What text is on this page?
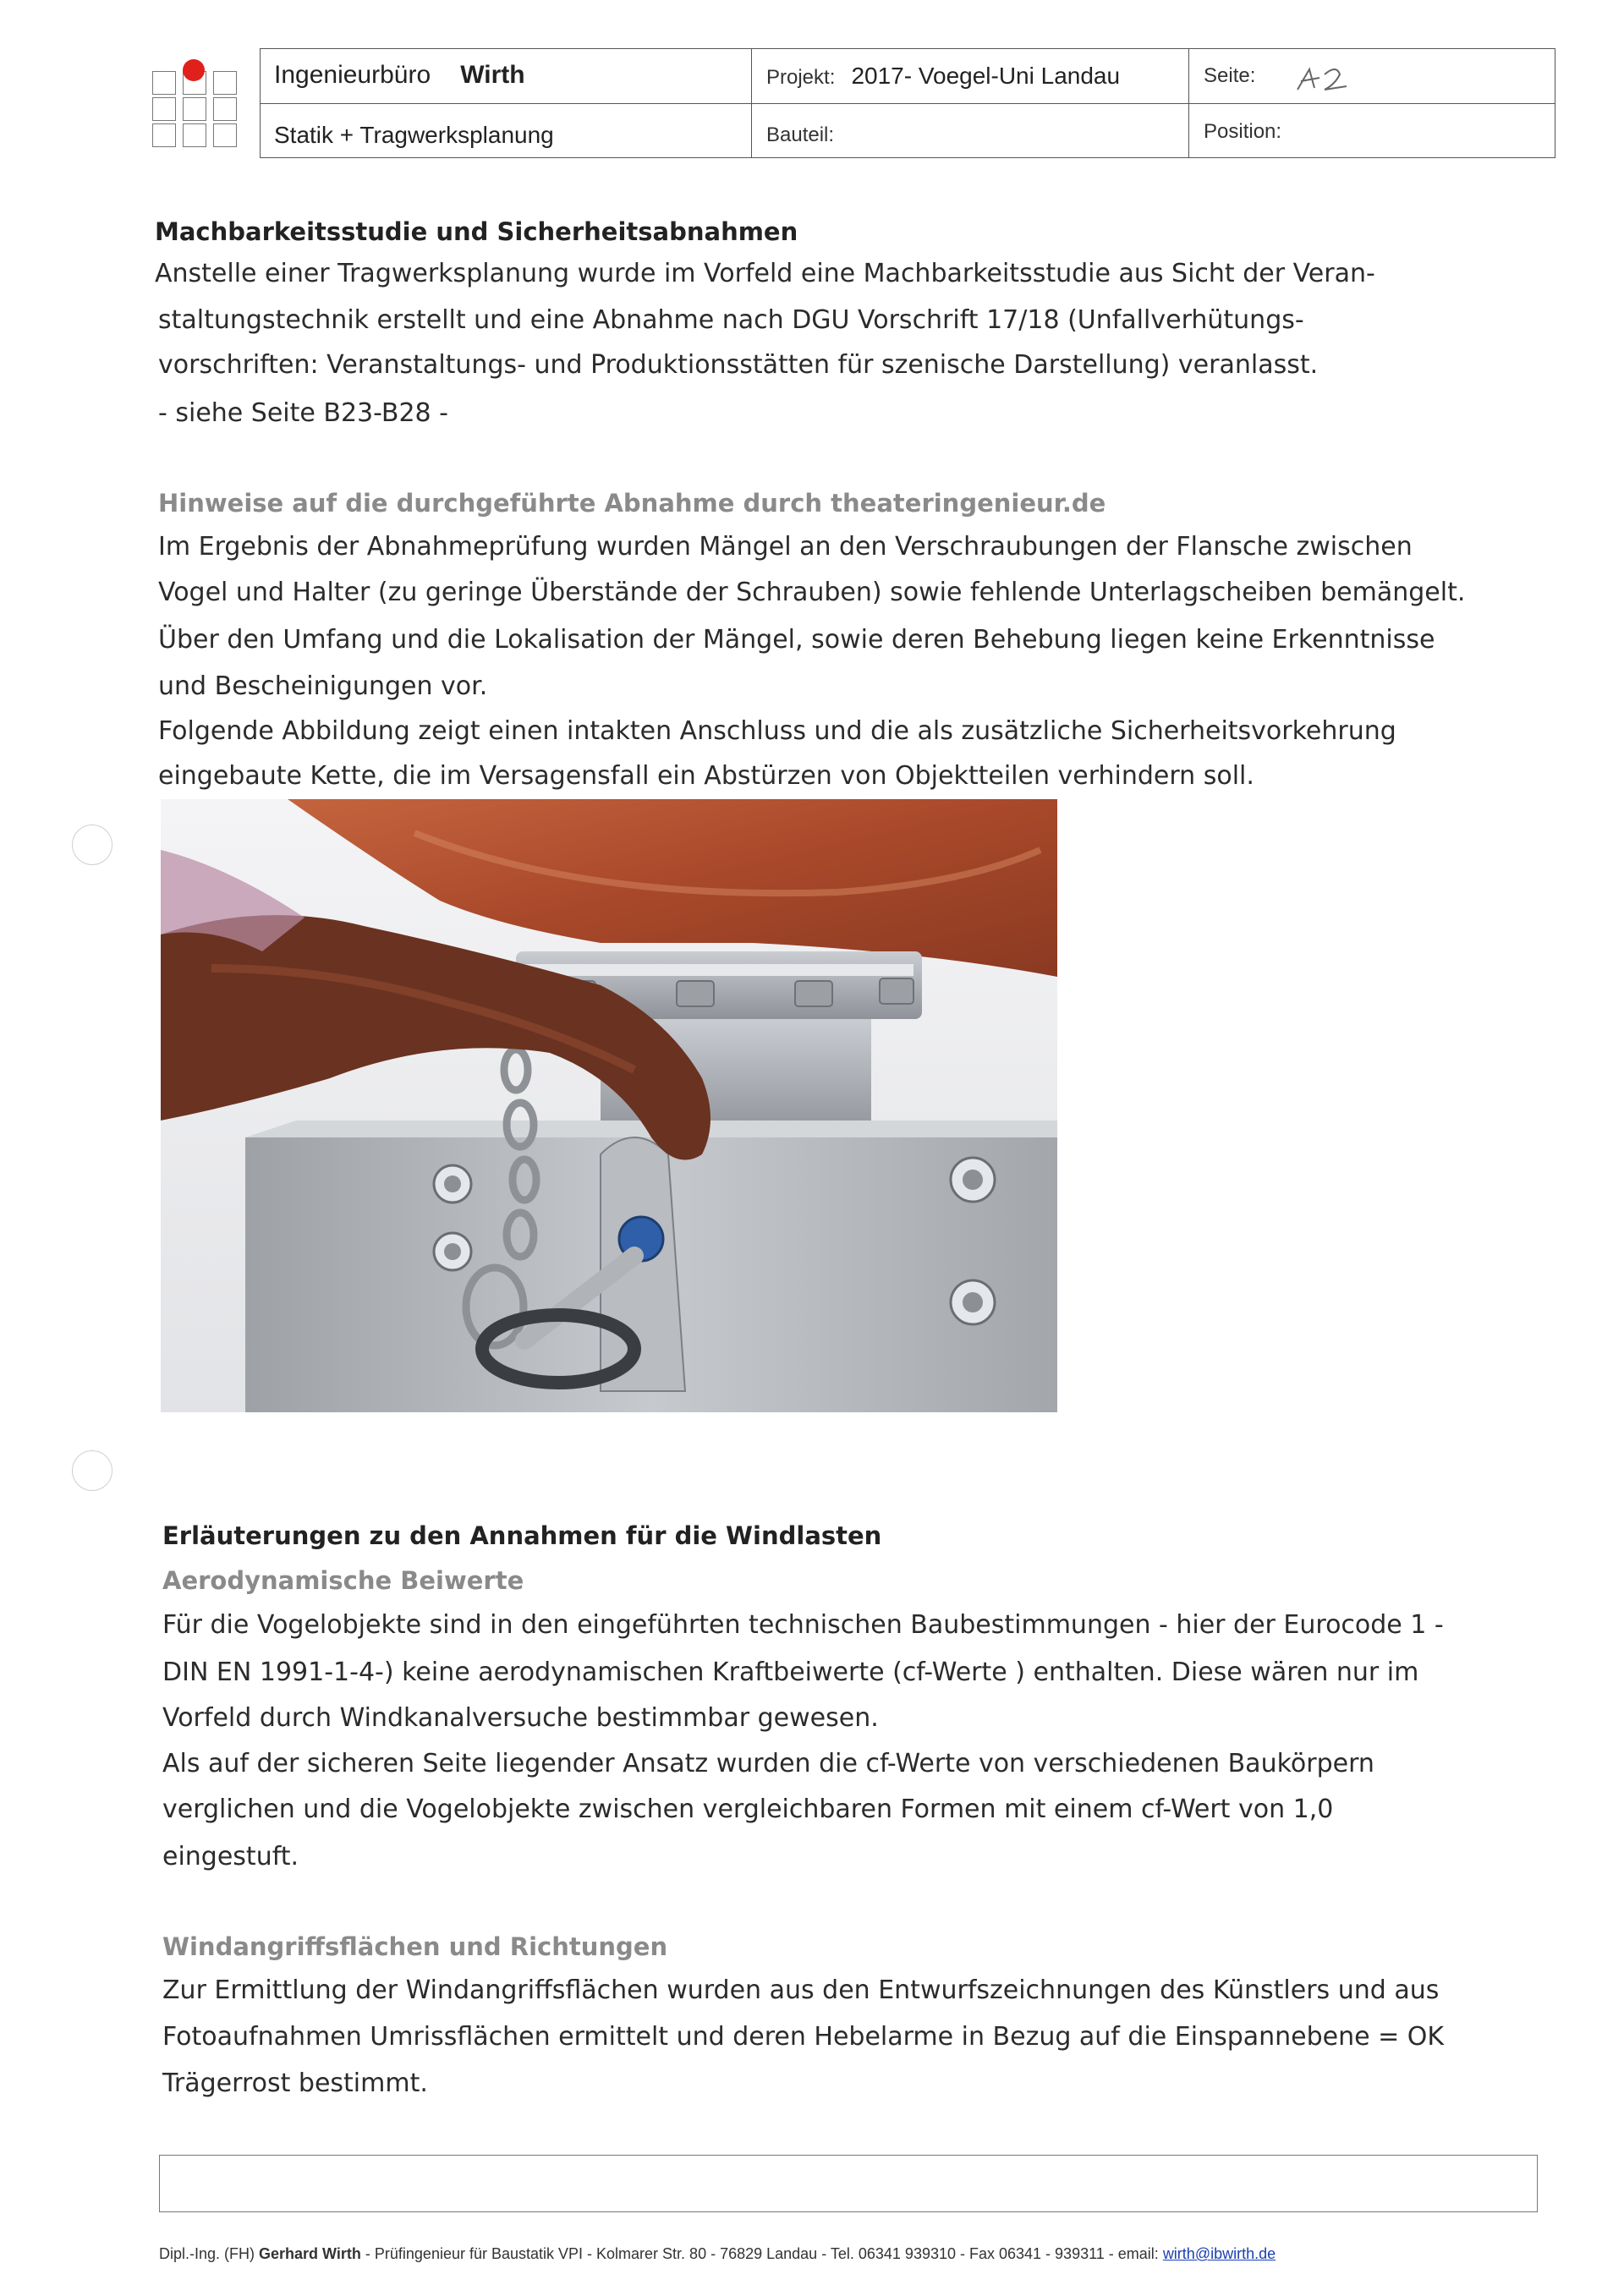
Ingenieurbüro Wirth
Statik + Tragwerksplanung
Projekt: 2017- Voegel-Uni Landau
Bauteil:
Seite:
Position:
Machbarkeitsstudie und Sicherheitsabnahmen
Anstelle einer Tragwerksplanung wurde im Vorfeld eine Machbarkeitsstudie aus Sicht der Veran-
staltungstechnik erstellt und eine Abnahme nach DGU Vorschrift 17/18 (Unfallverhütungs-
vorschriften: Veranstaltungs- und Produktionsstätten für szenische Darstellung) veranlasst.
- siehe Seite B23-B28 -
Hinweise auf die durchgeführte Abnahme durch theateringenieur.de
Im Ergebnis der Abnahmeprüfung wurden Mängel an den Verschraubungen der Flansche zwischen
Vogel und Halter (zu geringe Überstände der Schrauben) sowie fehlende Unterlagscheiben bemängelt.
Über den Umfang und die Lokalisation der Mängel, sowie deren Behebung liegen keine Erkenntnisse
und Bescheinigungen vor.
Folgende Abbildung zeigt einen intakten Anschluss und die als zusätzliche Sicherheitsvorkehrung
eingebaute Kette, die im Versagensfall ein Abstürzen von Objektteilen verhindern soll.
Erläuterungen zu den Annahmen für die Windlasten
Aerodynamische Beiwerte
Für die Vogelobjekte sind in den eingeführten technischen Baubestimmungen - hier der Eurocode 1 -
DIN EN 1991-1-4-) keine aerodynamischen Kraftbeiwerte (cf-Werte ) enthalten. Diese wären nur im
Vorfeld durch Windkanalversuche bestimmbar gewesen.
Als auf der sicheren Seite liegender Ansatz wurden die cf-Werte von verschiedenen Baukörpern
verglichen und die Vogelobjekte zwischen vergleichbaren Formen mit einem cf-Wert von 1,0
eingestuft.
Windangriffsflächen und Richtungen
Zur Ermittlung der Windangriffsflächen wurden aus den Entwurfszeichnungen des Künstlers und aus
Fotoaufnahmen Umrissflächen ermittelt und deren Hebelarme in Bezug auf die Einspannebene = OK
Trägerrost bestimmt.
Dipl.-Ing. (FH) Gerhard Wirth - Prüfingenieur für Baustatik VPI - Kolmarer Str. 80 - 76829 Landau - Tel. 06341 939310 - Fax 06341 - 939311 - email: wirth@ibwirth.de
